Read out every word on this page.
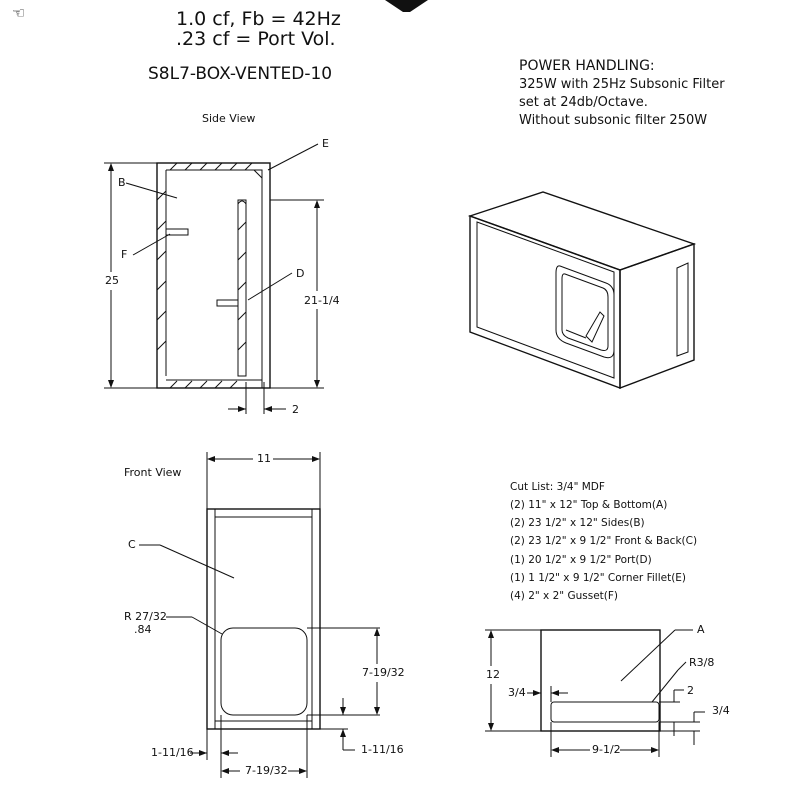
☜	1.0 cf, Fb = 42Hz
.23 cf = Port Vol.
S8L7-BOX-VENTED-10	POWER HANDLING:
325W with 25Hz Subsonic Filter
set at 24db/Octave.
Without subsonic filter 250W
Side View
B
E
F
D
25
21-1/4
2
Front View
11
C
R 27/32
.84
7-19/32
1-11/16	1-11/16
7-19/32
Cut List: 3/4" MDF
(2) 11" x 12" Top & Bottom(A)
(2) 23 1/2" x 12" Sides(B)
(2) 23 1/2" x 9 1/2" Front & Back(C)
(1) 20 1/2" x 9 1/2" Port(D)
(1) 1 1/2" x 9 1/2" Corner Fillet(E)
(4) 2" x 2" Gusset(F)
A
12
R3/8
3/4	2
3/4
9-1/2
